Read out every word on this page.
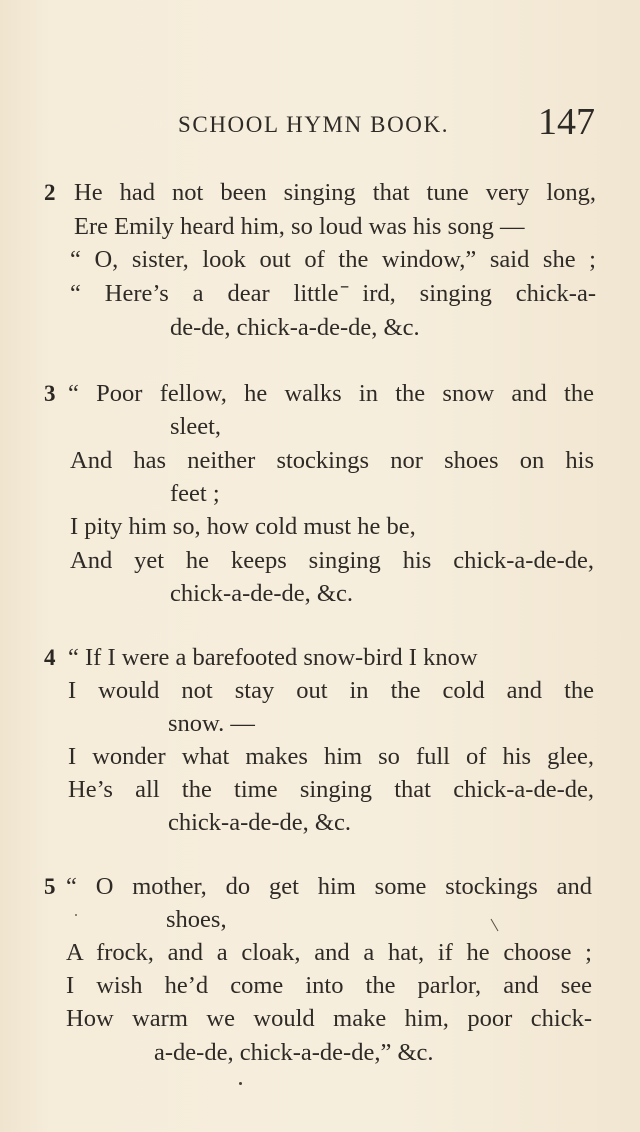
SCHOOL HYMN BOOK. 147
2 He had not been singing that tune very long,
Ere Emily heard him, so loud was his song —
“ O, sister, look out of the window,” said she ;
“ Here’s a dear little ̄ird, singing chick-a-
de-de, chick-a-de-de, &c.
3 “ Poor fellow, he walks in the snow and the
sleet,
And has neither stockings nor shoes on his
feet ;
I pity him so, how cold must he be,
And yet he keeps singing his chick-a-de-de,
chick-a-de-de, &c.
4 “ If I were a barefooted snow-bird I know
I would not stay out in the cold and the
snow. —
I wonder what makes him so full of his glee,
He’s all the time singing that chick-a-de-de,
chick-a-de-de, &c.
5 “ O mother, do get him some stockings and
shoes,
A frock, and a cloak, and a hat, if he choose ;
I wish he’d come into the parlor, and see
How warm we would make him, poor chick-
a-de-de, chick-a-de-de,” &c.
